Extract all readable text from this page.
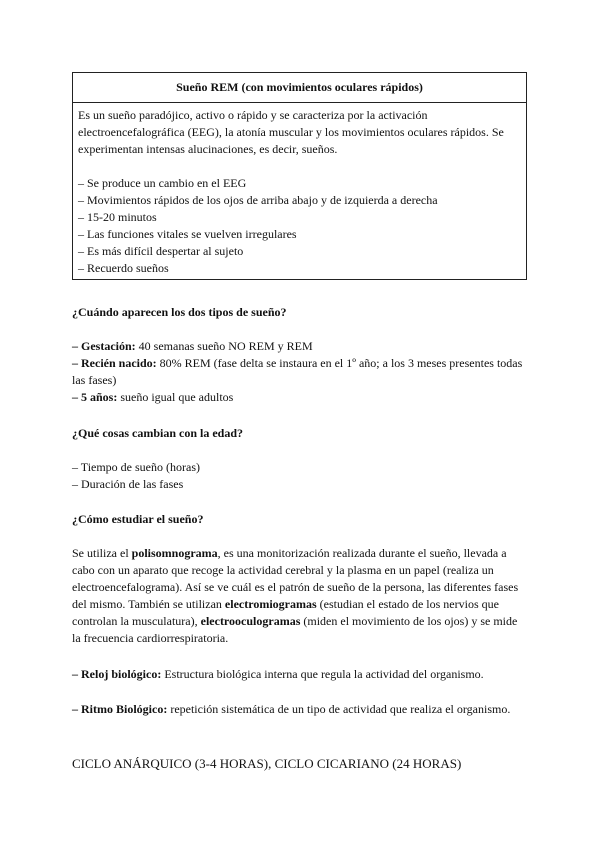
Sueño REM (con movimientos oculares rápidos)

Es un sueño paradójico, activo o rápido y se caracteriza por la activación electroencefalográfica (EEG), la atonía muscular y los movimientos oculares rápidos. Se experimentan intensas alucinaciones, es decir, sueños.

– Se produce un cambio en el EEG
– Movimientos rápidos de los ojos de arriba abajo y de izquierda a derecha
– 15-20 minutos
– Las funciones vitales se vuelven irregulares
– Es más difícil despertar al sujeto
– Recuerdo sueños
¿Cuándo aparecen los dos tipos de sueño?

– Gestación: 40 semanas sueño NO REM y REM

– Recién nacido: 80% REM (fase delta se instaura en el 1º año; a los 3 meses presentes todas las fases)

– 5 años: sueño igual que adultos

¿Qué cosas cambian con la edad?
– Tiempo de sueño (horas)
– Duración de las fases
¿Cómo estudiar el sueño?

Se utiliza el polisomnograma, es una monitorización realizada durante el sueño, llevada a cabo con un aparato que recoge la actividad cerebral y la plasma en un papel (realiza un electroencefalograma). Así se ve cuál es el patrón de sueño de la persona, las diferentes fases del mismo. También se utilizan electromiogramas (estudian el estado de los nervios que controlan la musculatura), electrooculogramas (miden el movimiento de los ojos) y se mide la frecuencia cardiorrespiratoria.

– Reloj biológico: Estructura biológica interna que regula la actividad del organismo.

– Ritmo Biológico: repetición sistemática de un tipo de actividad que realiza el organismo.

CICLO ANÁRQUICO (3-4 HORAS), CICLO CICARIANO (24 HORAS)
